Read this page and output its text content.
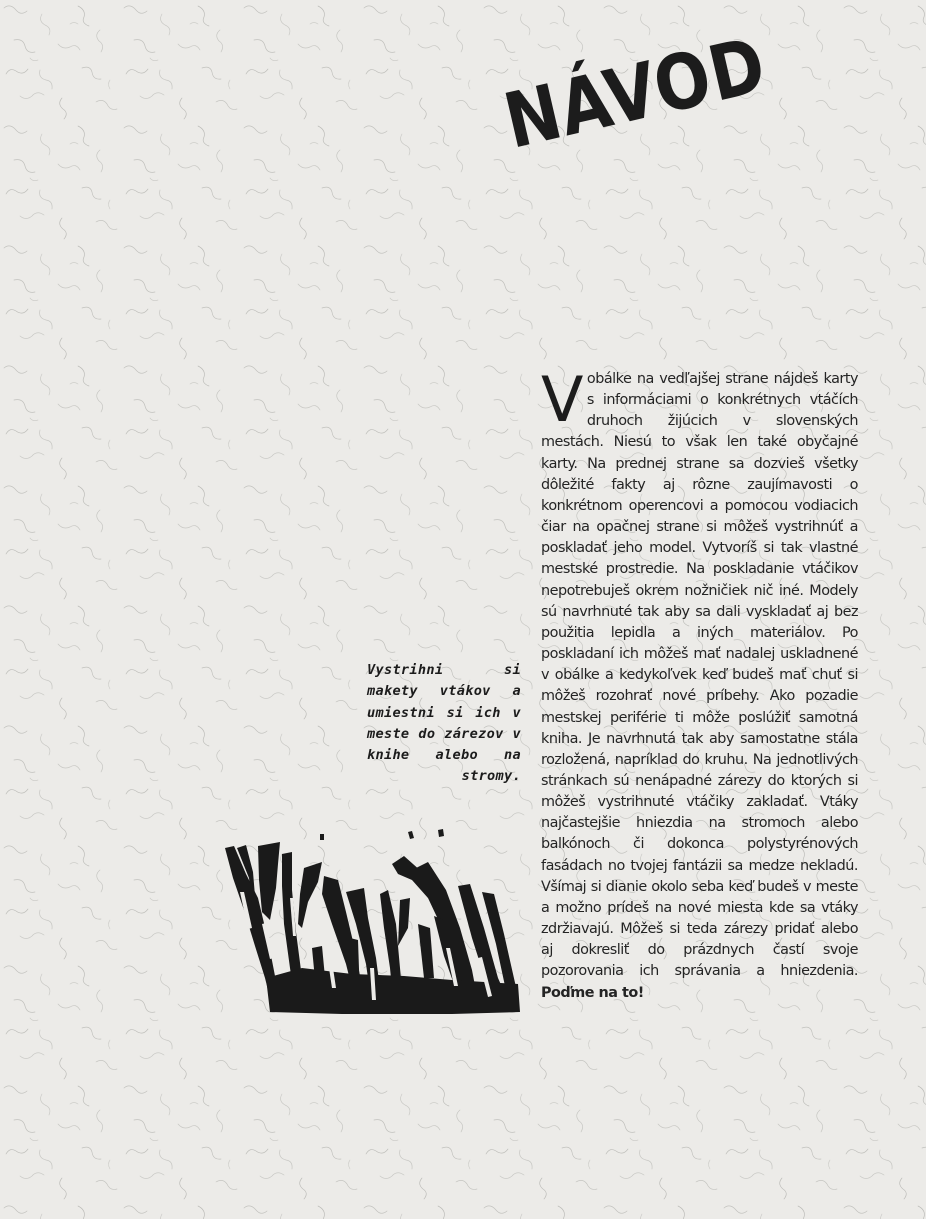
NÁVOD

V obálke na vedľajšej strane nájdeš karty s informáciami o konkrétnych vtáčích druhoch žijúcich v slovenských mestách. Niesú to však len také obyčajné karty. Na prednej strane sa dozvieš všetky dôležité fakty aj rôzne zaujímavosti o konkrétnom operencovi a pomocou vodiacich čiar na opačnej strane si môžeš vystrihnúť a poskladať jeho model. Vytvoríš si tak vlastné mestské prostredie. Na poskladanie vtáčikov nepotrebuješ okrem nožničiek nič iné. Modely sú navrhnuté tak aby sa dali vyskladať aj bez použitia lepidla a iných materiálov. Po poskladaní ich môžeš mať nadalej uskladnené v obálke a kedykoľvek keď budeš mať chuť si môžeš rozohrať nové príbehy. Ako pozadie mestskej periférie ti môže poslúžiť samotná kniha. Je navrhnutá tak aby samostatne stála rozložená, napríklad do kruhu. Na jednotlivých stránkach sú nenápadné zárezy do ktorých si môžeš vystrihnuté vtáčiky zakladať. Vtáky najčastejšie hniezdia na stromoch alebo balkónoch či dokonca polystyrénových fasádach no tvojej fantázii sa medze nekladú. Všímaj si dianie okolo seba keď budeš v meste a možno prídeš na nové miesta kde sa vtáky zdržiavajú. Môžeš si teda zárezy pridať alebo aj dokresliť do prázdnych častí svoje pozorovania ich správania a hniezdenia. Poďme na to!

Vystrihni si makety vtákov a umiestni si ich v meste do zárezov v knihe alebo na stromy.
